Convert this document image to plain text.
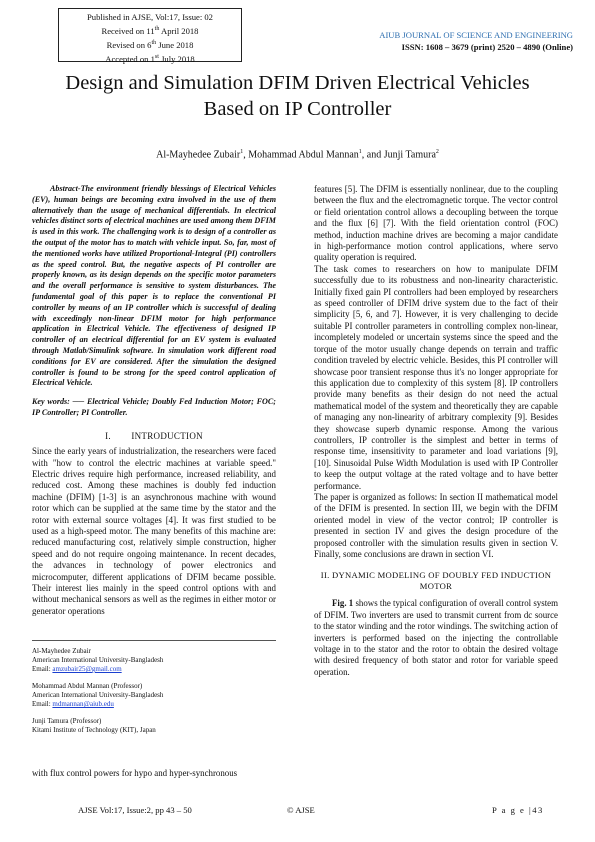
Published in AJSE, Vol:17, Issue: 02
Received on 11th April 2018
Revised on 6th June 2018
Accepted on 1st July 2018
AIUB JOURNAL OF SCIENCE AND ENGINEERING
ISSN: 1608 – 3679 (print) 2520 – 4890 (Online)
Design and Simulation DFIM Driven Electrical Vehicles Based on IP Controller
Al-Mayhedee Zubair$^1$, Mohammad Abdul Mannan$^1$, and Junji Tamura$^2$

Abstract-The environment friendly blessings of Electrical Vehicles (EV), human beings are becoming extra involved in the use of them alternatively than the usage of mechanical differentials. In electrical vehicles distinct sorts of electrical machines are used among them DFIM is used in this work. The challenging work is to design of a controller as the output of the motor has to match with vehicle input. So, far, most of the mentioned works have utilized Proportional-Integral (PI) controllers as the speed control. But, the negative aspects of PI controller are properly known, as its design depends on the specific motor parameters and the overall performance is sensitive to system disturbances. The fundamental goal of this paper is to replace the conventional PI controller by means of an IP controller which is successful of dealing with exceedingly non-linear DFIM motor for high performance application in Electrical Vehicle. The effectiveness of designed IP controller of an electrical differential for an EV system is evaluated through Matlab/Simulink software. In simulation work different road conditions for EV are considered. After the simulation the designed controller is found to be strong for the speed control application of Electrical Vehicle.

Key words: ── Electrical Vehicle; Doubly Fed Induction Motor; FOC; IP Controller; PI Controller.

I.        INTRODUCTION

Since the early years of industrialization, the researchers were faced with "how to control the electric machines at variable speed." Electric drives require high performance, increased reliability, and reduced cost. Among these machines is doubly fed induction machine (DFIM) [1-3] is an asynchronous machine with wound rotor which can be supplied at the same time by the stator and the rotor with external source voltages [4]. It was first studied to be used as a high-speed motor. The many benefits of this machine are: reduced manufacturing cost, relatively simple construction, higher speed and do not require ongoing maintenance. In recent decades, the advances in technology of power electronics and microcomputer, different applications of DFIM became possible. Their interest lies mainly in the speed control options with and without mechanical sensors as well as the regimes in either motor or generator operations

Al-Mayhedee Zubair
American International University-Bangladesh
Email: amzubair25@gmail.com
Mohammad Abdul Mannan (Professor)
American International University-Bangladesh
Email: mdmannan@aiub.edu
Junji Tamura (Professor)
Kitami Institute of Technology (KIT), Japan
with flux control powers for hypo and hyper-synchronous

features [5]. The DFIM is essentially nonlinear, due to the coupling between the flux and the electromagnetic torque. The vector control or field orientation control allows a decoupling between the torque and the flux [6] [7]. With the field orientation control (FOC) method, induction machine drives are becoming a major candidate in high-performance motion control applications, where servo quality operation is required.

The task comes to researchers on how to manipulate DFIM successfully due to its robustness and non-linearity characteristic. Initially fixed gain PI controllers had been employed by researchers as speed controller of DFIM drive system due to the fact of their simplicity [5, 6, and 7]. However, it is very challenging to decide suitable PI controller parameters in controlling complex non-linear, incompletely modeled or uncertain systems since the speed and the torque of the motor usually change depends on terrain and traffic condition traveled by electric vehicle. Besides, this PI controller will showcase poor transient response thus it's no longer appropriate for this application due to complexity of this system [8]. IP controllers provide many benefits as their design do not need the actual mathematical model of the system and theoretically they are capable of managing any non-linearity of arbitrary complexity [9]. Besides they showcase superb dynamic response. Among the various controllers, IP controller is the simplest and better in terms of response time, insensitivity to parameter and load variations [9], [10]. Sinusoidal Pulse Width Modulation is used with IP Controller to keep the output voltage at the rated voltage and to have better performance.

The paper is organized as follows: In section II mathematical model of the DFIM is presented. In section III, we begin with the DFIM oriented model in view of the vector control; IP controller is presented in section IV and gives the design procedure of the proposed controller with the simulation results given in section V. Finally, some conclusions are drawn in section VI.

II. DYNAMIC MODELING OF DOUBLY FED INDUCTION MOTOR

Fig. 1 shows the typical configuration of overall control system of DFIM. Two inverters are used to transmit current from dc source to the stator winding and the rotor windings. The switching action of inverters is performed based on the injecting the controllable voltage in to the stator and the rotor to obtain the desired voltage with desired frequency of both stator and rotor for variable speed operation.

AJSE Vol:17, Issue:2, pp 43 – 50	© AJSE	P a g e |43
